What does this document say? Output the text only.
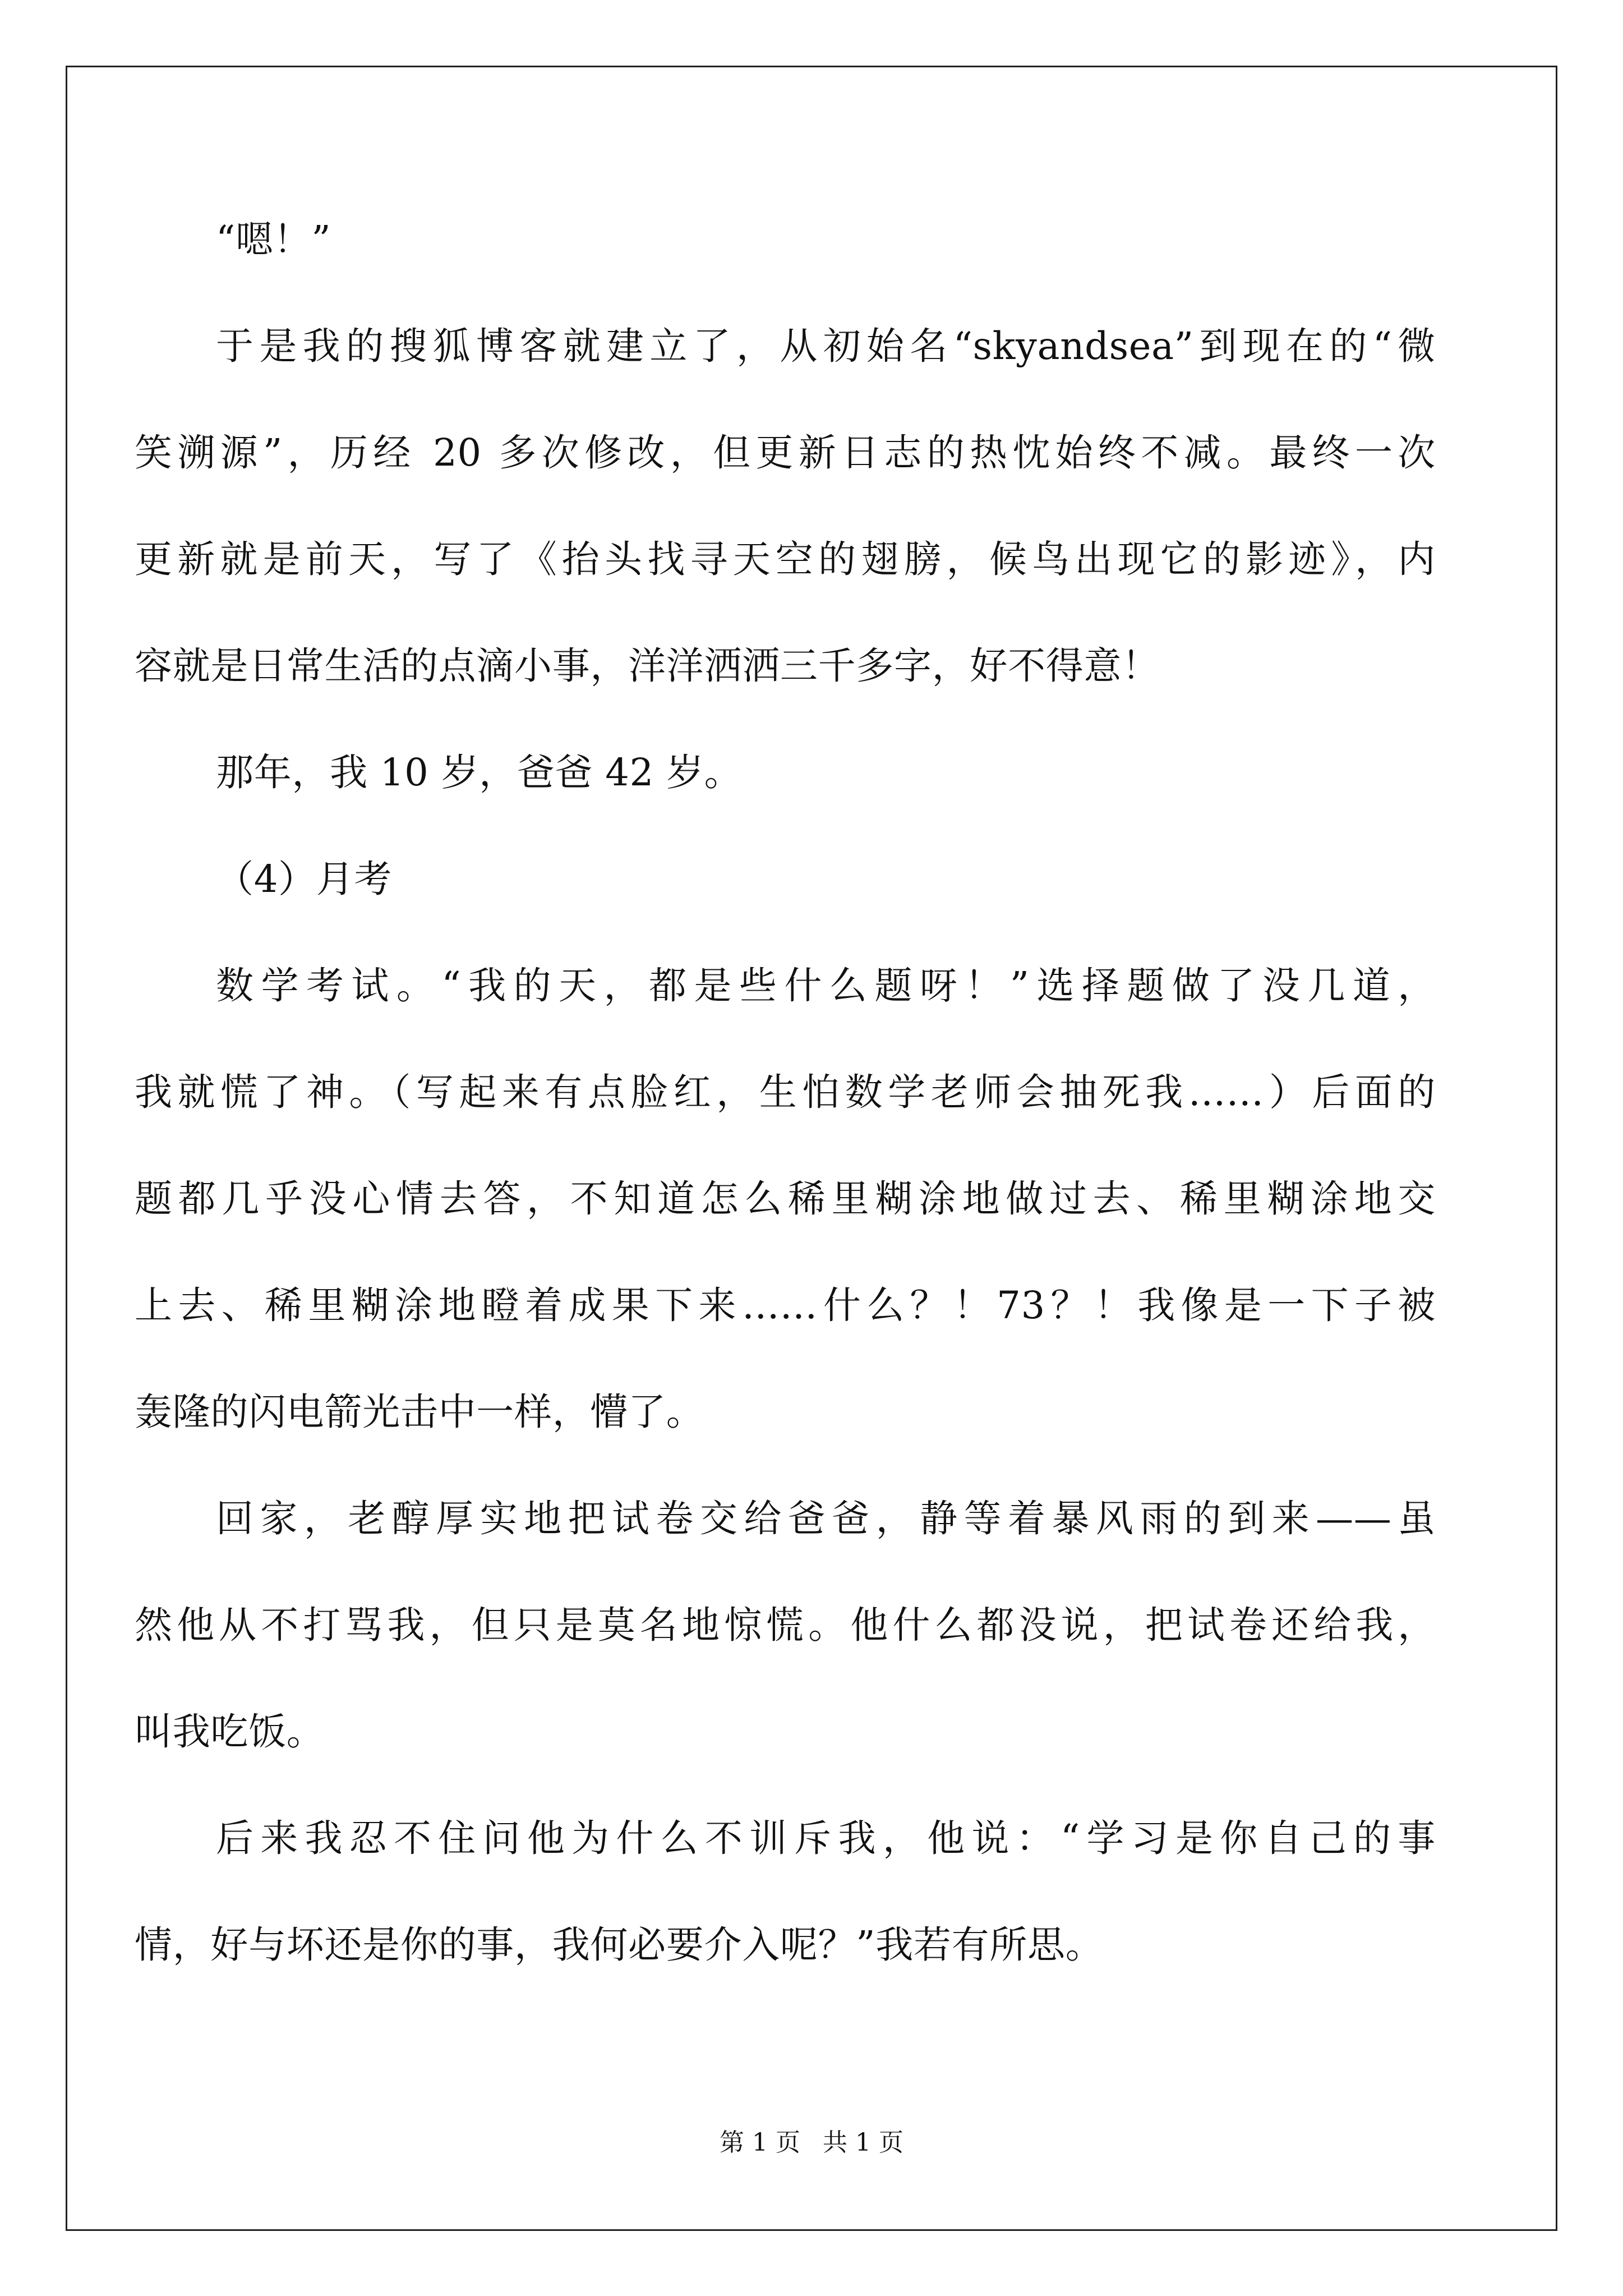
“嗯！”
于是我的搜狐博客就建立了，从初始名“skyandsea”到现在的“微
笑溯源”，历经 20 多次修改，但更新日志的热忱始终不减。最终一次
更新就是前天，写了《抬头找寻天空的翅膀，候鸟出现它的影迹》，内
容就是日常生活的点滴小事，洋洋洒洒三千多字，好不得意！
那年，我 10 岁，爸爸 42 岁。
（4）月考
数学考试。“我的天，都是些什么题呀！”选择题做了没几道，
我就慌了神。（写起来有点脸红，生怕数学老师会抽死我……）后面的
题都几乎没心情去答，不知道怎么稀里糊涂地做过去、稀里糊涂地交
上去、稀里糊涂地瞪着成果下来……什么？！73？！我像是一下子被
轰隆的闪电箭光击中一样，懵了。
回家，老醇厚实地把试卷交给爸爸，静等着暴风雨的到来——虽
然他从不打骂我，但只是莫名地惊慌。他什么都没说，把试卷还给我，
叫我吃饭。
后来我忍不住问他为什么不训斥我，他说：“学习是你自己的事
情，好与坏还是你的事，我何必要介入呢？”我若有所思。
第 1 页 共 1 页
